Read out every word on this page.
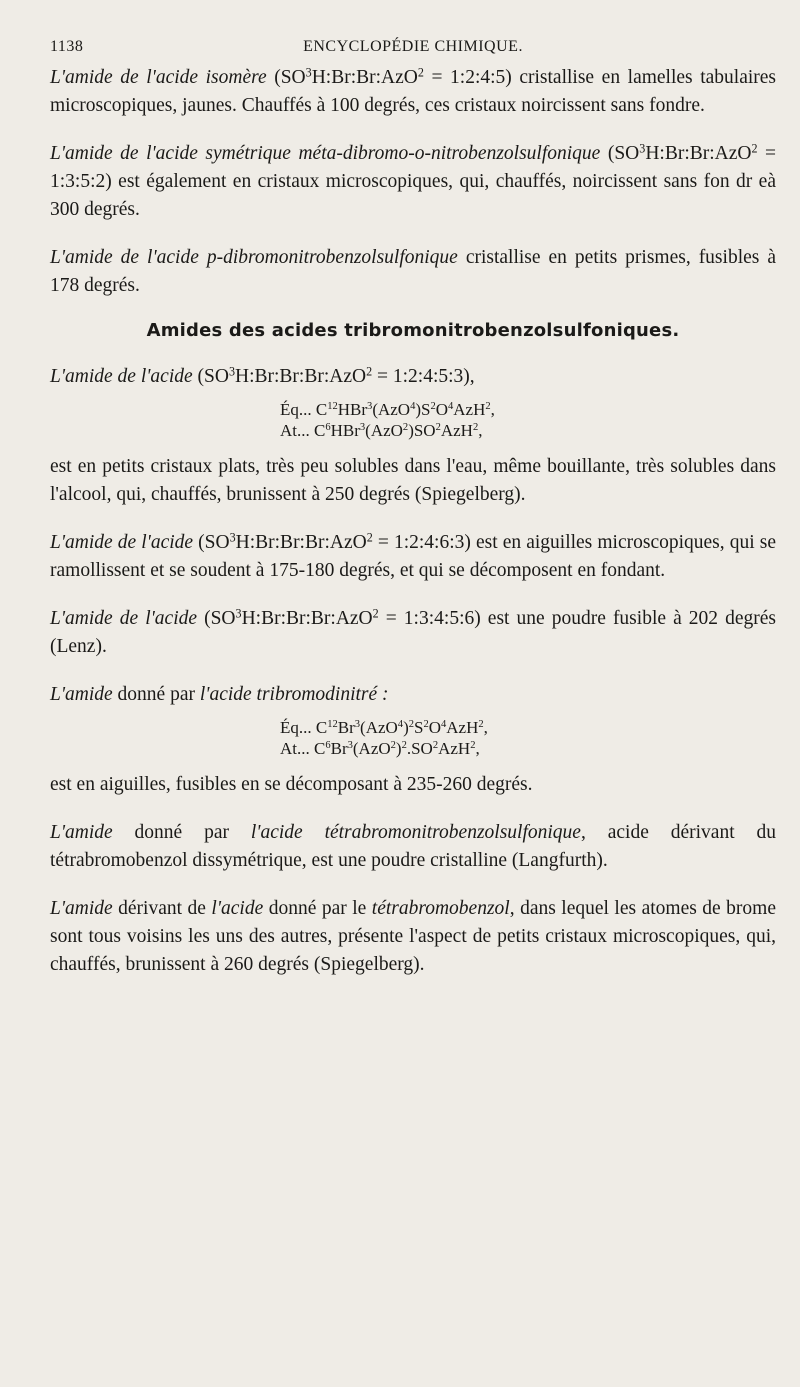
1138	ENCYCLOPÉDIE CHIMIQUE.

L'amide de l'acide isomère ($SO^3H:Br:Br:AzO^2$ = 1:2:4:5) cristallise en lamelles tabulaires microscopiques, jaunes. Chauffés à 100 degrés, ces cristaux noircissent sans fondre.

L'amide de l'acide symétrique méta-dibromo-o-nitrobenzolsulfonique ($SO^3H:Br:Br:AzO^2$ = 1:3:5:2) est également en cristaux microscopiques, qui, chauffés, noircissent sans fon dr eà 300 degrés.

L'amide de l'acide p-dibromonitrobenzolsulfonique cristallise en petits prismes, fusibles à 178 degrés.

Amides des acides tribromonitrobenzolsulfoniques.

L'amide de l'acide ($SO^3H:Br:Br:Br:AzO^2$ = 1:2:4:5:3),

Éq... $C^{12}HBr^3(AzO^4)S^2O^4AzH^2$,
At... $C^6HBr^3(AzO^2)SO^2AzH^2$,

est en petits cristaux plats, très peu solubles dans l'eau, même bouillante, très solubles dans l'alcool, qui, chauffés, brunissent à 250 degrés (Spiegelberg).

L'amide de l'acide ($SO^3H:Br:Br:Br:AzO^2$ = 1:2:4:6:3) est en aiguilles microscopiques, qui se ramollissent et se soudent à 175-180 degrés, et qui se décomposent en fondant.

L'amide de l'acide ($SO^3H:Br:Br:Br:AzO^2$ = 1:3:4:5:6) est une poudre fusible à 202 degrés (Lenz).

L'amide donné par l'acide tribromodinitré :

Éq... $C^{12}Br^3(AzO^4)^2S^2O^4AzH^2$,
At... $C^6Br^3(AzO^2)^2.SO^2AzH^2$,

est en aiguilles, fusibles en se décomposant à 235-260 degrés.

L'amide donné par l'acide tétrabromonitrobenzolsulfonique, acide dérivant du tétrabromobenzol dissymétrique, est une poudre cristalline (Langfurth).

L'amide dérivant de l'acide donné par le tétrabromobenzol, dans lequel les atomes de brome sont tous voisins les uns des autres, présente l'aspect de petits cristaux microscopiques, qui, chauffés, brunissent à 260 degrés (Spiegelberg).
